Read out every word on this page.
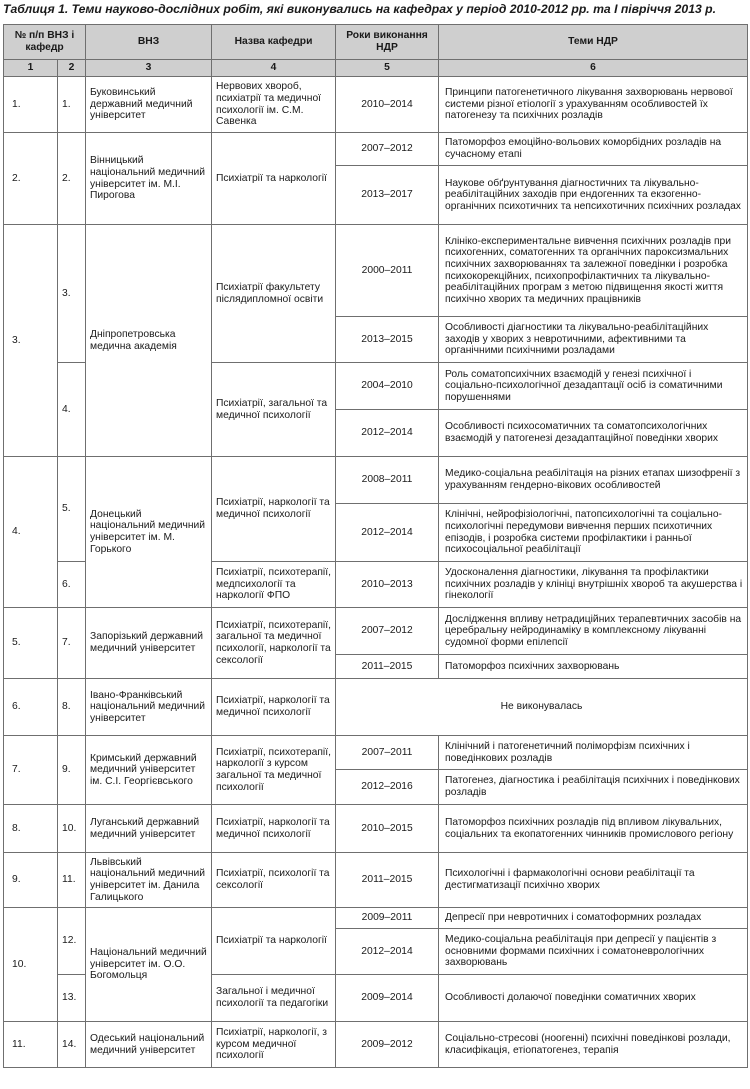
Таблиця 1. Теми науково-дослідних робіт, які виконувались на кафедрах у період 2010-2012 рр. та І півріччя 2013 р.
№ п/п ВНЗ і кафедр		ВНЗ	Назва кафедри	Роки виконання НДР	Теми НДР
1	2	3	4	5	6
1.	1.	Буковинський державний медичний університет	Нервових хвороб, психіатрії та медичної психології ім. С.М. Савенка	2010–2014	Принципи патогенетичного лікування захворювань нервової системи різної етіології з урахуванням особливостей їх патогенезу та психічних розладів
2.	2.	Вінницький національний медичний університет ім. М.І. Пирогова	Психіатрії та наркології	2007–2012	Патоморфоз емоційно-вольових коморбідних розладів на сучасному етапі
				2013–2017	Наукове обґрунтування діагностичних та лікувально-реабілітаційних заходів при ендогенних та екзогенно-органічних психотичних та непсихотичних психічних розладах
3.	3.	Дніпропетровська медична академія	Психіатрії факультету післядипломної освіти	2000–2011	Клініко-експериментальне вивчення психічних розладів при психогенних, соматогенних та органічних пароксизмальних психічних захворюваннях та залежної поведінки і розробка психокорекційних, психопрофілактичних та лікувально-реабілітаційних програм з метою підвищення якості життя психічно хворих та медичних працівників
				2013–2015	Особливості діагностики та лікувально-реабілітаційних заходів у хворих з невротичними, афективними та органічними психічними розладами
	4.		Психіатрії, загальної та медичної психології	2004–2010	Роль соматопсихічних взаємодій у генезі психічної і соціально-психологічної дезадаптації осіб із соматичними порушеннями
				2012–2014	Особливості психосоматичних та соматопсихологічних взаємодій у патогенезі дезадаптаційної поведінки хворих
4.	5.	Донецький національний медичний університет ім. М. Горького	Психіатрії, наркології та медичної психології	2008–2011	Медико-соціальна реабілітація на різних етапах шизофренії з урахуванням гендерно-вікових особливостей
				2012–2014	Клінічні, нейрофізіологічні, патопсихологічні та соціально-психологічні передумови вивчення перших психотичних епізодів, і розробка системи профілактики і ранньої психосоціальної реабілітації
	6.		Психіатрії, психотерапії, медпсихології та наркології ФПО	2010–2013	Удосконалення діагностики, лікування та профілактики психічних розладів у клініці внутрішніх хвороб та акушерства і гінекології
5.	7.	Запорізький державний медичний університет	Психіатрії, психотерапії, загальної та медичної психології, наркології та сексології	2007–2012	Дослідження впливу нетрадиційних терапевтичних засобів на церебральну нейродинаміку в комплексному лікуванні судомної форми епілепсії
				2011–2015	Патоморфоз психічних захворювань
6.	8.	Івано-Франківський національний медичний університет	Психіатрії, наркології та медичної психології	Не виконувалась	
7.	9.	Кримський державний медичний університет ім. С.І. Георгієвського	Психіатрії, психотерапії, наркології з курсом загальної та медичної психології	2007–2011	Клінічний і патогенетичний поліморфізм психічних і поведінкових розладів
				2012–2016	Патогенез, діагностика і реабілітація психічних і поведінкових розладів
8.	10.	Луганський державний медичний університет	Психіатрії, наркології та медичної психології	2010–2015	Патоморфоз психічних розладів під впливом лікувальних, соціальних та екопатогенних чинників промислового регіону
9.	11.	Львівський національний медичний університет ім. Данила Галицького	Психіатрії, психології та сексології	2011–2015	Психологічні і фармакологічні основи реабілітації та дестигматизації психічно хворих
10.	12.	Національний медичний університет ім. О.О. Богомольця	Психіатрії та наркології	2009–2011	Депресії при невротичних і соматоформних розладах
				2012–2014	Медико-соціальна реабілітація при депресії у пацієнтів з основними формами психічних і соматоневрологічних захворювань
	13.		Загальної і медичної психології та педагогіки	2009–2014	Особливості долаючої поведінки соматичних хворих
11.	14.	Одеський національний медичний університет	Психіатрії, наркології, з курсом медичної психології	2009–2012	Соціально-стресові (ноогенні) психічні поведінкові розлади, класифікація, етіопатогенез, терапія
